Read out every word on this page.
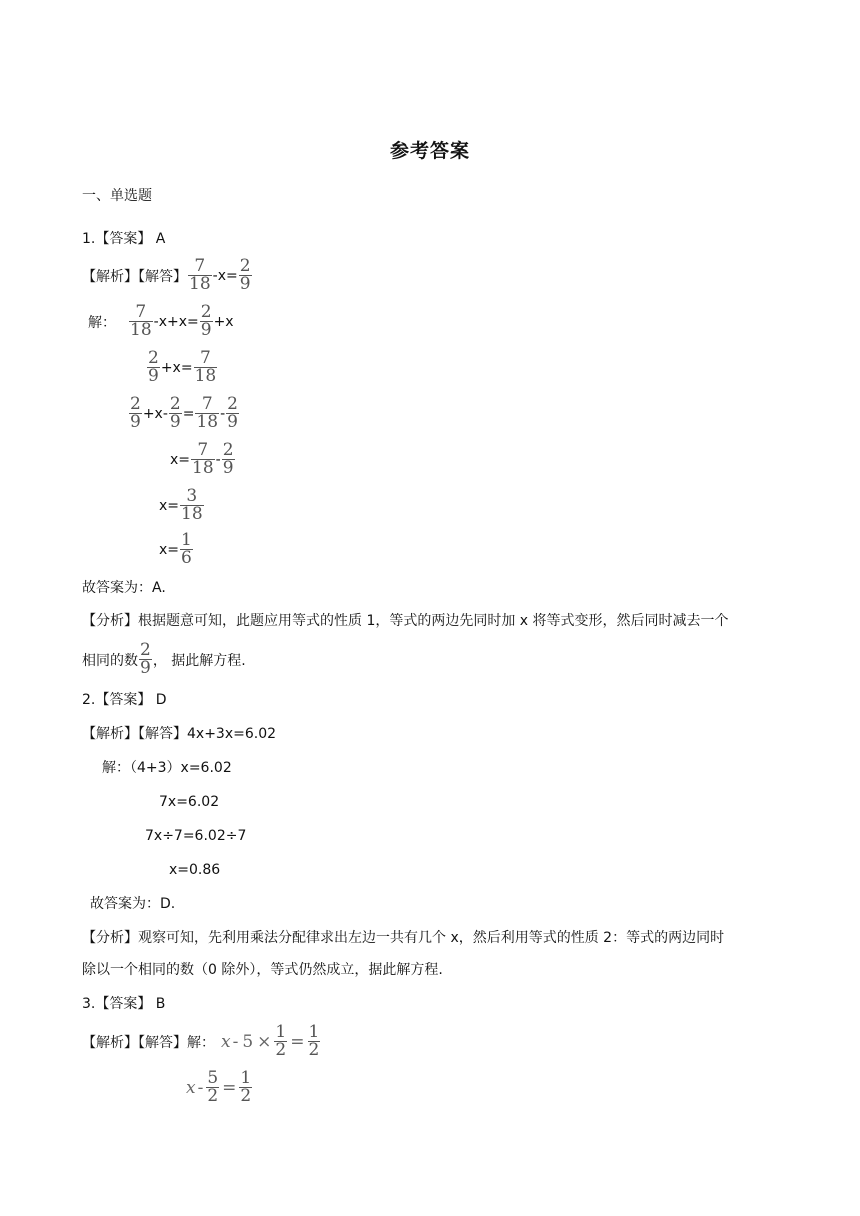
参考答案
一、单选题
1.【答案】 A
【解析】【解答】 $\frac{7}{18} -x= \frac{2}{9}$
解： $\frac{7}{18} -x+x= \frac{2}{9} +x$
$\frac{2}{9} +x= \frac{7}{18}$
$\frac{2}{9} +x- \frac{2}{9} = \frac{7}{18} - \frac{2}{9}$
$x= \frac{7}{18} - \frac{2}{9}$
$x= \frac{3}{18}$
$x= \frac{1}{6}$
故答案为：A.
【分析】根据题意可知，此题应用等式的性质 1，等式的两边先同时加 x 将等式变形，然后同时减去一个
相同的数 $\frac{2}{9}$ ， 据此解方程.
2.【答案】 D
【解析】【解答】4x+3x=6.02
解：（4+3）x=6.02
7x=6.02
7x÷7=6.02÷7
x=0.86
故答案为：D.
【分析】观察可知，先利用乘法分配律求出左边一共有几个 x，然后利用等式的性质 2：等式的两边同时
除以一个相同的数（0 除外），等式仍然成立，据此解方程.
3.【答案】 B
【解析】【解答】解： $x - 5 \times \frac{1}{2} = \frac{1}{2}$
$x - \frac{5}{2} = \frac{1}{2}$
